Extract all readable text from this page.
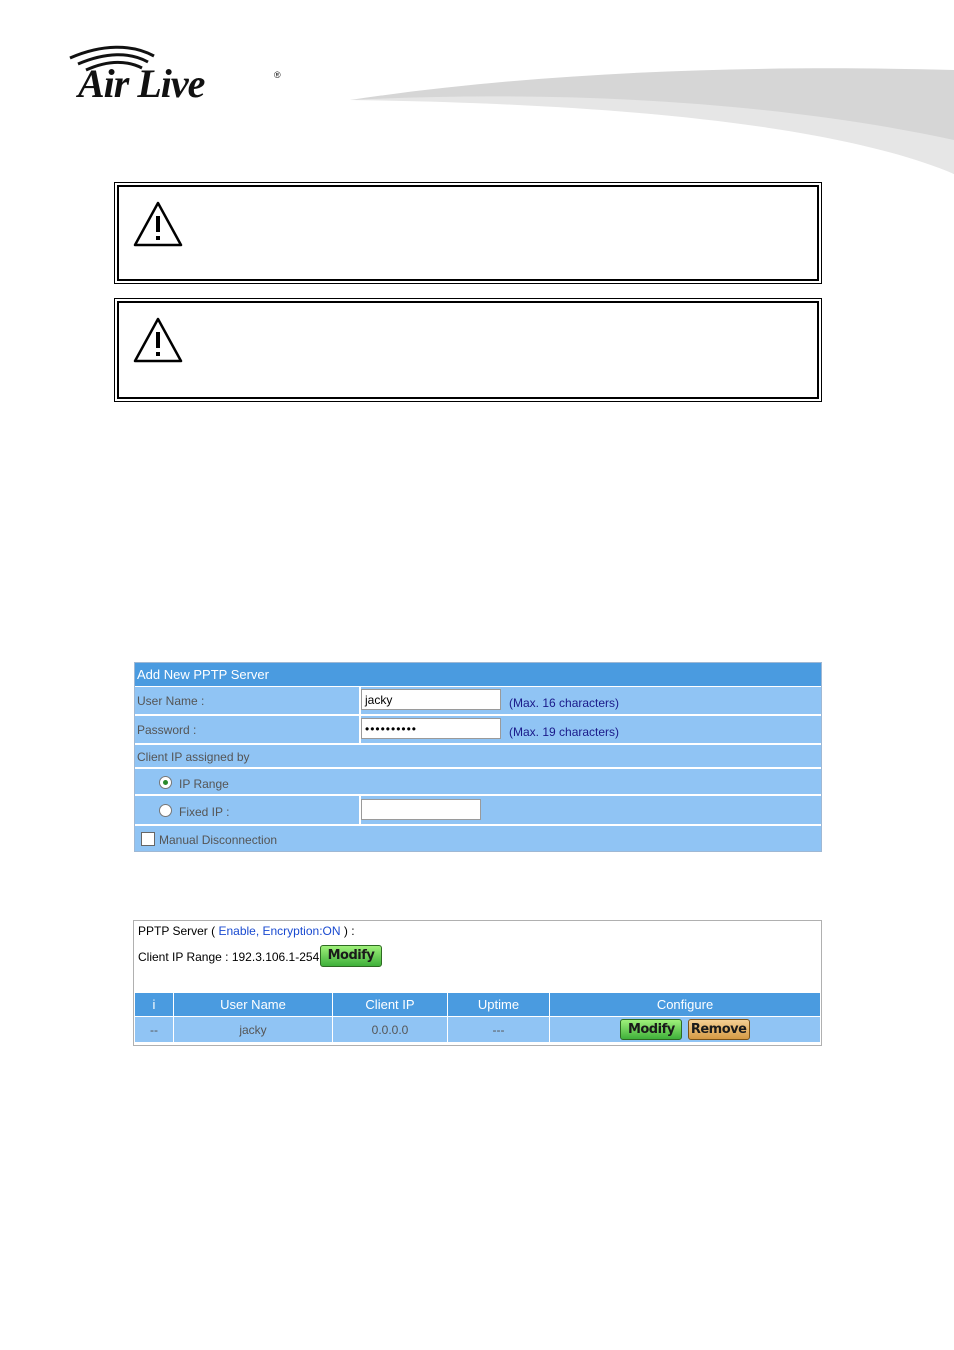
Air Live	®
Add New PPTP Server
User Name :	jacky	(Max. 16 characters)
Password :	••••••••••	(Max. 19 characters)
Client IP assigned by
IP Range
Fixed IP :
Manual Disconnection
PPTP Server ( Enable, Encryption:ON ) :
Client IP Range : 192.3.106.1-254 Modify
i	User Name	Client IP	Uptime	Configure
--	jacky	0.0.0.0	---	Modify Remove
